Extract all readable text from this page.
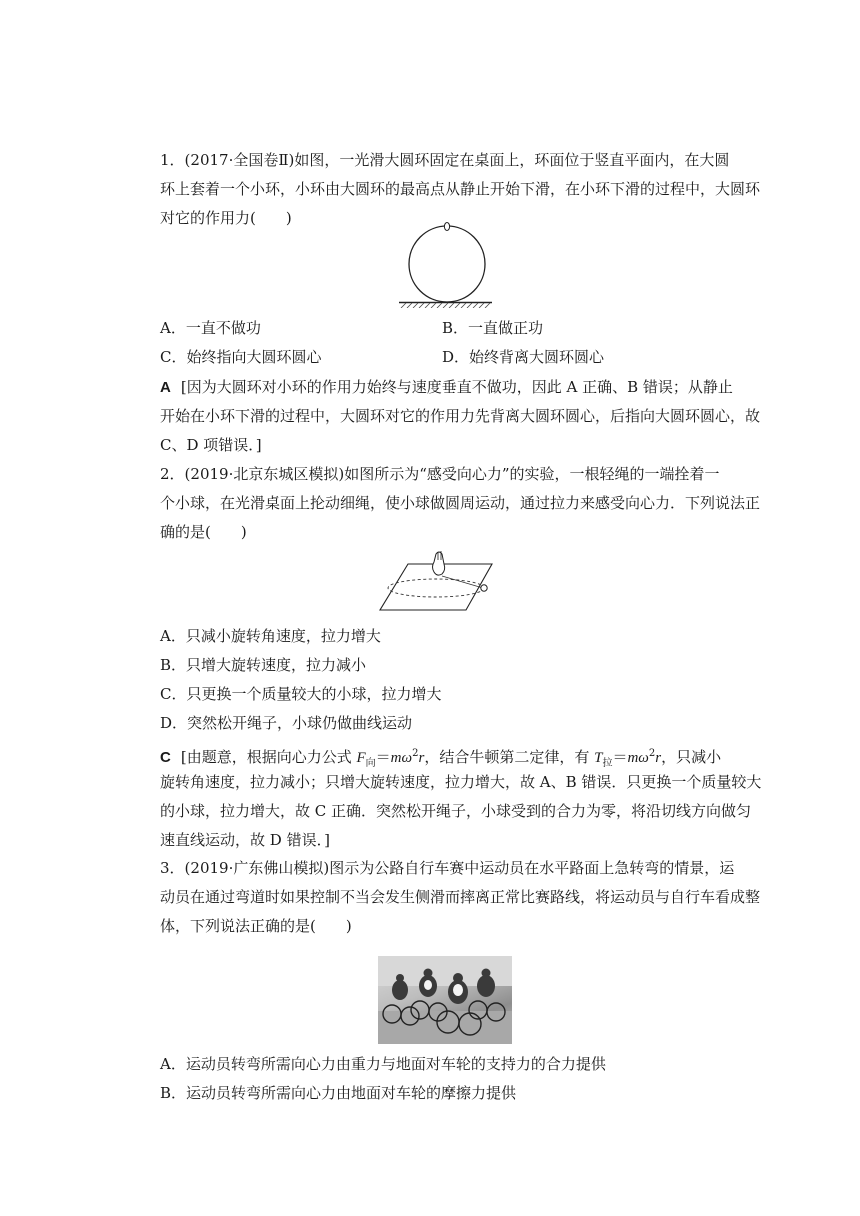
1．(2017·全国卷Ⅱ)如图，一光滑大圆环固定在桌面上，环面位于竖直平面内，在大圆
环上套着一个小环，小环由大圆环的最高点从静止开始下滑，在小环下滑的过程中，大圆环
对它的作用力(　　)
A．一直不做功	B．一直做正功
C．始终指向大圆环圆心	D．始终背离大圆环圆心
A [因为大圆环对小环的作用力始终与速度垂直不做功，因此 A 正确、B 错误；从静止
开始在小环下滑的过程中，大圆环对它的作用力先背离大圆环圆心，后指向大圆环圆心，故
C、D 项错误．]
2．(2019·北京东城区模拟)如图所示为“感受向心力”的实验，一根轻绳的一端拴着一
个小球，在光滑桌面上抡动细绳，使小球做圆周运动，通过拉力来感受向心力．下列说法正
确的是(　　)
A．只减小旋转角速度，拉力增大
B．只增大旋转速度，拉力减小
C．只更换一个质量较大的小球，拉力增大
D．突然松开绳子，小球仍做曲线运动
C [由题意，根据向心力公式 $F_向=m\omega^2r$，结合牛顿第二定律，有 $T_拉=m\omega^2r$，只减小
旋转角速度，拉力减小；只增大旋转速度，拉力增大，故 A、B 错误．只更换一个质量较大
的小球，拉力增大，故 C 正确．突然松开绳子，小球受到的合力为零，将沿切线方向做匀
速直线运动，故 D 错误．]
3．(2019·广东佛山模拟)图示为公路自行车赛中运动员在水平路面上急转弯的情景，运
动员在通过弯道时如果控制不当会发生侧滑而摔离正常比赛路线，将运动员与自行车看成整
体，下列说法正确的是(　　)
A．运动员转弯所需向心力由重力与地面对车轮的支持力的合力提供
B．运动员转弯所需向心力由地面对车轮的摩擦力提供
